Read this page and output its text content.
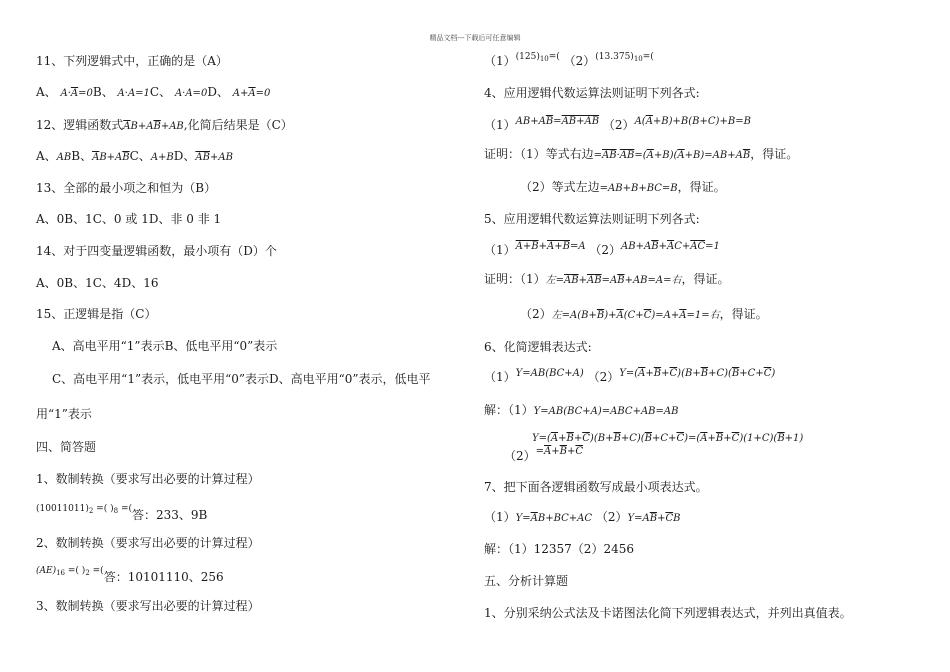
精品文档---下载后可任意编辑
11、下列逻辑式中，正确的是（A）
A、 $A\cdot\overline{A}=0B$、 A·A=1C、 A·A=0D、 $A+\overline{A}=0$
12、逻辑函数式$\overline{A}B+A\overline{B}+AB$,化简后结果是（C）
A、ABB、$\overline{A}B+A\overline{B}C$、A+BD、$\overline{AB}+AB$
13、全部的最小项之和恒为（B）
A、0B、1C、0 或 1D、非 0 非 1
14、对于四变量逻辑函数，最小项有（D）个
A、0B、1C、4D、16
15、正逻辑是指（C）
A、高电平用“1”表示B、低电平用“0”表示
C、高电平用“1”表示，低电平用“0”表示D、高电平用“0”表示，低电平
用“1”表示
四、简答题
1、数制转换（要求写出必要的计算过程）
$(10011011)_2$ =( )$_8$ =(答：233、9B
2、数制转换（要求写出必要的计算过程）
$(AE)_{16}$ =( )$_2$ =(答：10101110、256
3、数制转换（要求写出必要的计算过程）
$(1)(125)_{10}=$( $(2)(13.375)_{10}=$(
4、应用逻辑代数运算法则证明下列各式:
$(1)AB+A\overline{B}=AB+AB$ $(2)A(\overline{A}+B)+B(B+C)+B=B$
证明：（1）等式右边$=\overline{AB}\cdot\overline{AB}=(\overline{A}+B)(\overline{A}+B)=AB+A\overline{B}$，得证。
（2）等式左边=AB+B+BC=B，得证。
5、应用逻辑代数运算法则证明下列各式:
（1）A+B+A+B=A $(2)AB+A\overline{B}+\overline{A}C+\overline{AC}=1$
证明：（1）左$=\overline{A}\overline{B}+\overline{A}\overline{B}=A\overline{B}+AB=A=$右，得证。
（2）左$=A(B+\overline{B})+\overline{A}(C+\overline{C})=A+\overline{A}=1=$右，得证。
6、化简逻辑表达式:
（1）Y=AB(BC+A) $(2)Y=(\overline{A}+\overline{B}+\overline{C})(B+\overline{B}+C)(\overline{B}+C+\overline{C})$
解：（1）Y=AB(BC+A)=ABC+AB=AB
$Y=(\overline{A}+\overline{B}+\overline{C})(B+\overline{B}+C)(\overline{B}+C+\overline{C})=(\overline{A}+\overline{B}+\overline{C})(1+C)(\overline{B}+1)$
$(2)=\overline{A}+\overline{B}+\overline{C}$
7、把下面各逻辑函数写成最小项表达式。
$(1)Y=\overline{A}B+BC+AC$ $(2)Y=A\overline{B}+\overline{C}B$
解：（1）12357（2）2456
五、分析计算题
1、分别采纳公式法及卡诺图法化简下列逻辑表达式，并列出真值表。
